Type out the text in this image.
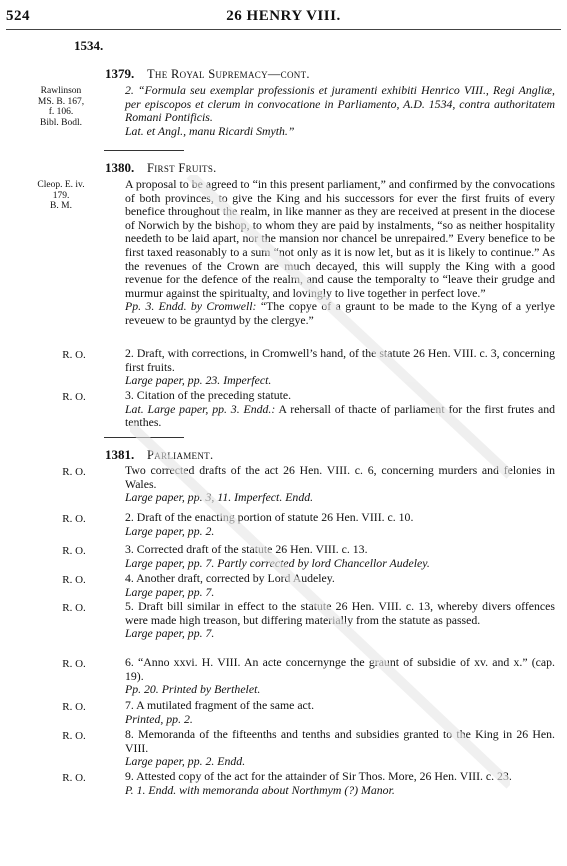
524	26 HENRY VIII.
1534.
1379. The Royal Supremacy—cont.
Rawlinson
MS. B. 167,
f. 106.
Bibl. Bodl.
2. “Formula seu exemplar professionis et juramenti exhibiti Henrico VIII., Regi Angliæ, per episcopos et clerum in convocatione in Parliamento, A.D. 1534, contra authoritatem Romani Pontificis.
Lat. et Angl., manu Ricardi Smyth.”
1380. First Fruits.
Cleop. E. iv.
179.
B. M.
A proposal to be agreed to “in this present parliament,” and confirmed by the convocations of both provinces, to give the King and his successors for ever the first fruits of every benefice throughout the realm, in like manner as they are received at present in the diocese of Norwich by the bishop, to whom they are paid by instalments, “so as neither hospitality needeth to be laid apart, nor the mansion nor chancel be unrepaired.” Every benefice to be first taxed reasonably to a sum “not only as it is now let, but as it is likely to continue.” As the revenues of the Crown are much decayed, this will supply the King with a good revenue for the defence of the realm, and cause the temporalty to “leave their grudge and murmur against the spiritualty, and lovingly to live together in perfect love.”
Pp. 3. Endd. by Cromwell: “The copye of a graunt to be made to the Kyng of a yerlye reveuew to be grauntyd by the clergye.”
R. O.	2. Draft, with corrections, in Cromwell’s hand, of the statute 26 Hen. VIII. c. 3, concerning first fruits.
Large paper, pp. 23. Imperfect.
R. O.	3. Citation of the preceding statute.
Lat. Large paper, pp. 3. Endd.: A rehersall of thacte of parliament for the first frutes and tenthes.
1381. Parliament.
R. O.	Two corrected drafts of the act 26 Hen. VIII. c. 6, concerning murders and felonies in Wales.
Large paper, pp. 3, 11. Imperfect. Endd.
R. O.	2. Draft of the enacting portion of statute 26 Hen. VIII. c. 10.
Large paper, pp. 2.
R. O.	3. Corrected draft of the statute 26 Hen. VIII. c. 13.
Large paper, pp. 7. Partly corrected by lord Chancellor Audeley.
R. O.	4. Another draft, corrected by Lord Audeley.
Large paper, pp. 7.
R. O.	5. Draft bill similar in effect to the statute 26 Hen. VIII. c. 13, whereby divers offences were made high treason, but differing materially from the statute as passed.
Large paper, pp. 7.
R. O.	6. “Anno xxvi. H. VIII. An acte concernynge the graunt of subsidie of xv. and x.” (cap. 19).
Pp. 20. Printed by Berthelet.
R. O.	7. A mutilated fragment of the same act.
Printed, pp. 2.
R. O.	8. Memoranda of the fifteenths and tenths and subsidies granted to the King in 26 Hen. VIII.
Large paper, pp. 2. Endd.
R. O.	9. Attested copy of the act for the attainder of Sir Thos. More, 26 Hen. VIII. c. 23.
P. 1. Endd. with memoranda about Northmym (?) Manor.
